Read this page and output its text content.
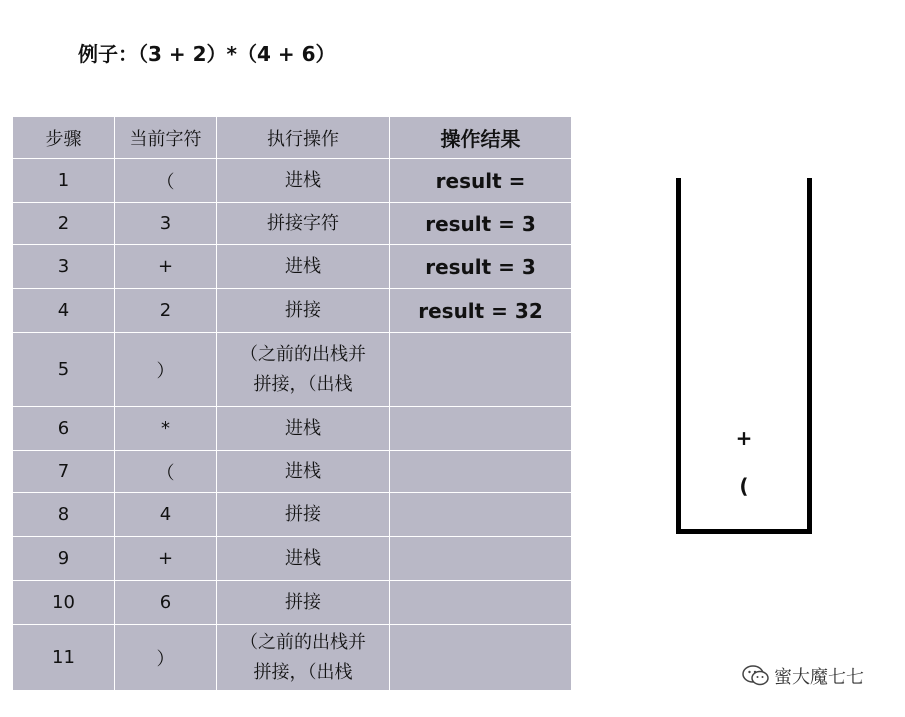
例子：（3 + 2）*（4 + 6）
步骤	当前字符	执行操作	操作结果
1	（	进栈	result =
2	3	拼接字符	result = 3
3	+	进栈	result = 3
4	2	拼接	result = 32
5	）	（之前的出栈并
拼接，（出栈	

6	*	进栈	

7	（	进栈	

8	4	拼接	

9	+	进栈	

10	6	拼接	

11	）	（之前的出栈并
拼接，（出栈	

+
(
蜜大魔七七
